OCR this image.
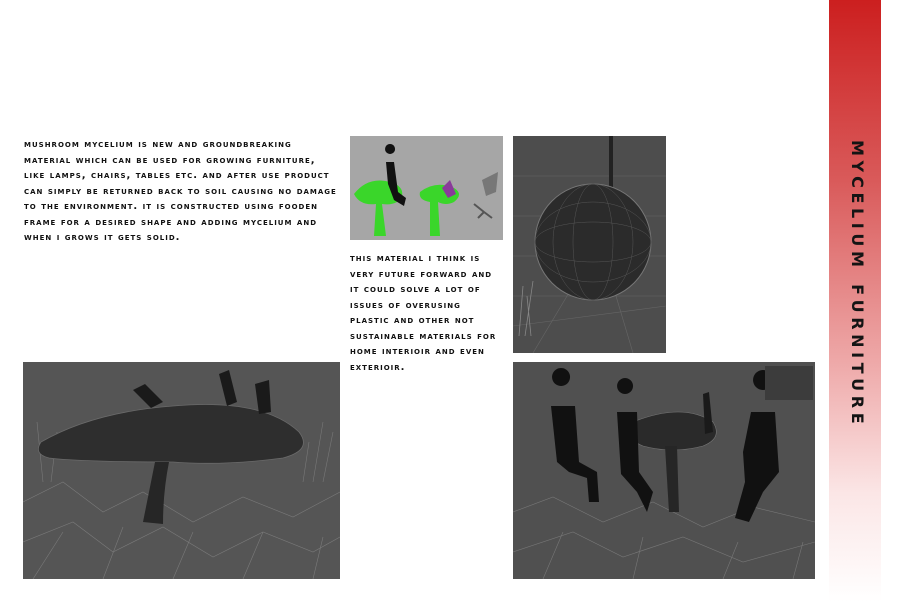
mycelium furniture

mushroom mycelium is new and groundbreaking material which can be used for growing furniture, like lamps, chairs, tables etc. and after use product can simply be returned back to soil causing no damage to the environment. it is constructed using fooden frame for a desired shape and adding mycelium and when i grows it gets solid.

this material i think is very future forward and it could solve a lot of issues of overusing plastic and other not sustainable materials for home interioir and even exterioir.
